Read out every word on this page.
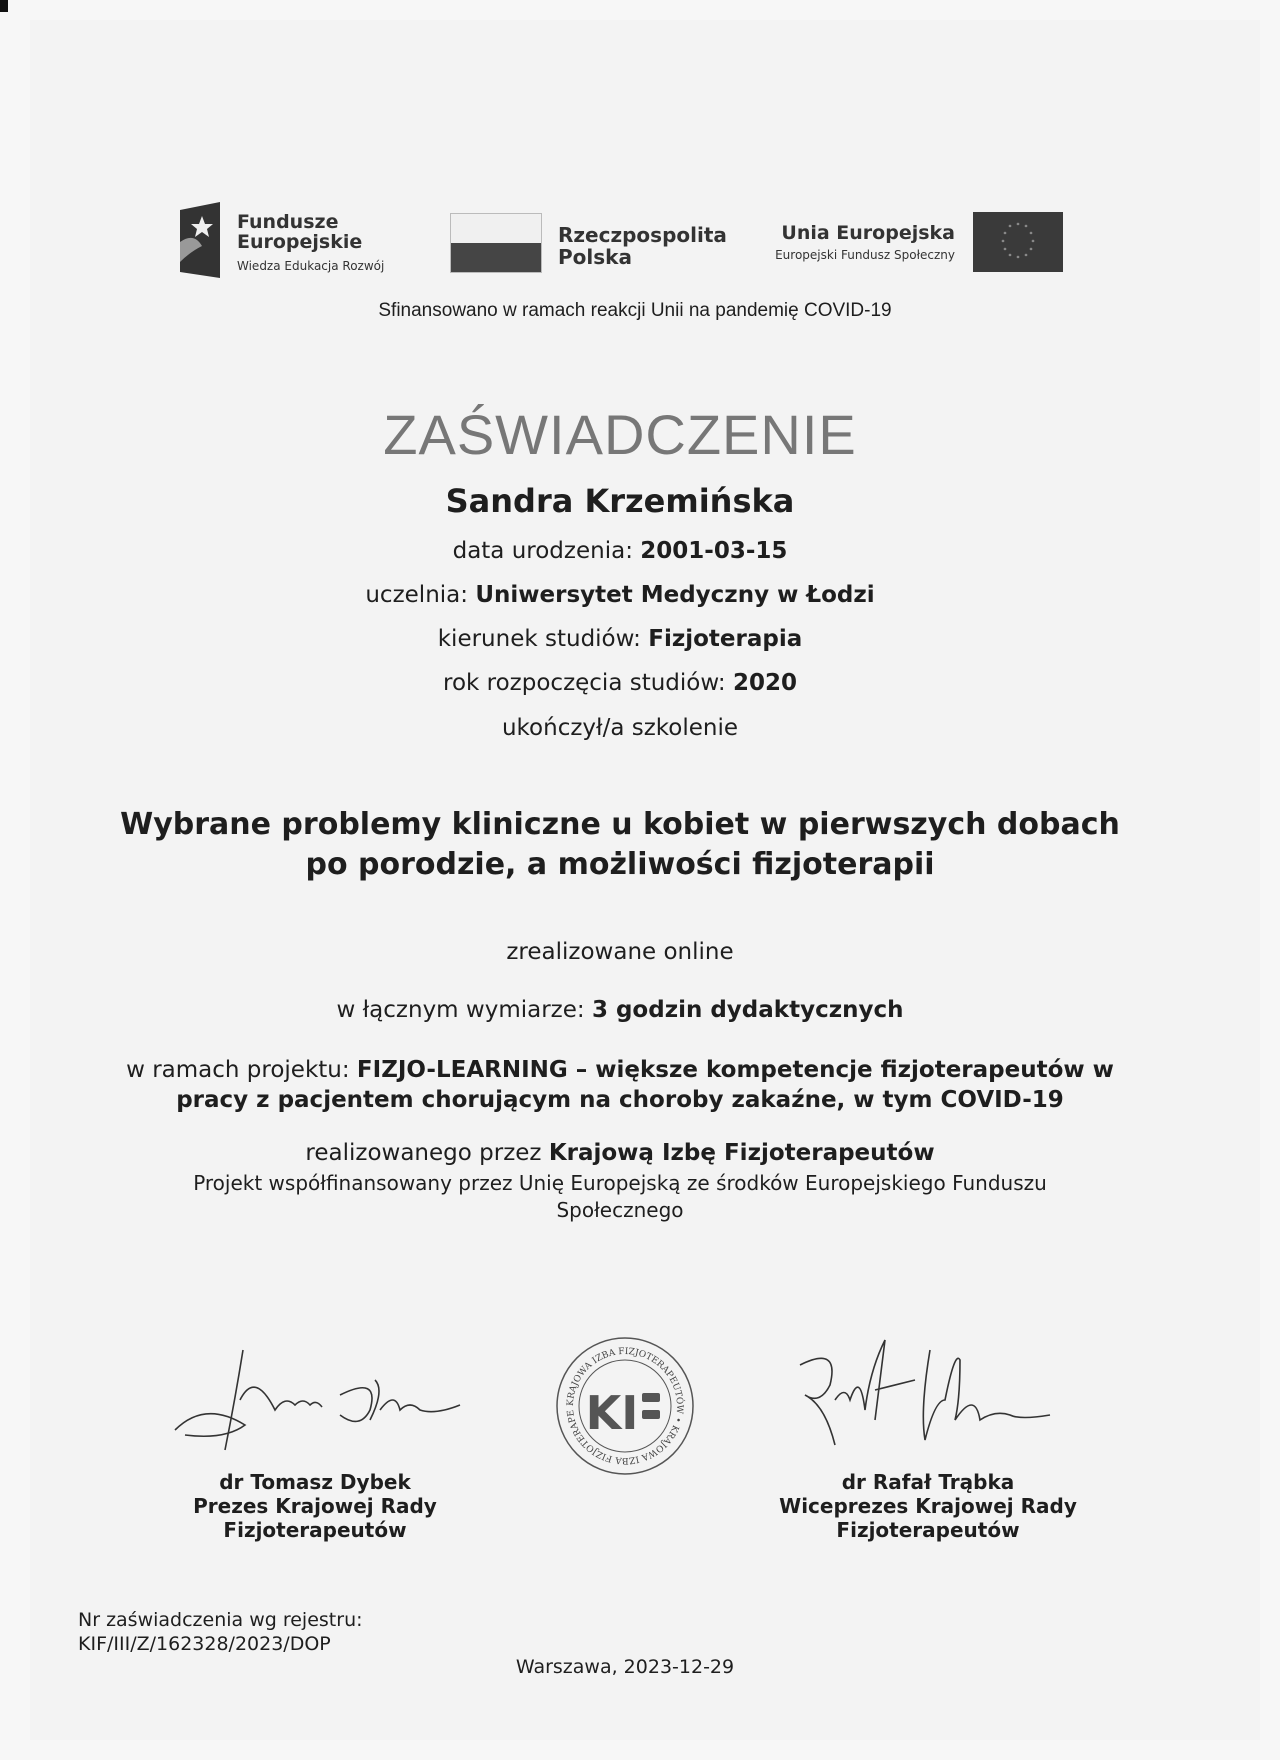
Fundusze
Europejskie
Wiedza Edukacja Rozwój
Rzeczpospolita
Polska
Unia Europejska
Europejski Fundusz Społeczny
* *
*
*
*
*
*
*
*
*
*
*
Sfinansowano w ramach reakcji Unii na pandemię COVID-19
ZAŚWIADCZENIE
Sandra Krzemińska
data urodzenia: 2001-03-15
uczelnia: Uniwersytet Medyczny w Łodzi
kierunek studiów: Fizjoterapia
rok rozpoczęcia studiów: 2020
ukończył/a szkolenie
Wybrane problemy kliniczne u kobiet w pierwszych dobach
po porodzie, a możliwości fizjoterapii
zrealizowane online
w łącznym wymiarze: 3 godzin dydaktycznych
w ramach projektu: FIZJO-LEARNING – większe kompetencje fizjoterapeutów w
pracy z pacjentem chorującym na choroby zakaźne, w tym COVID-19
realizowanego przez Krajową Izbę Fizjoterapeutów
Projekt współfinansowany przez Unię Europejską ze środków Europejskiego Funduszu
Społecznego
KRAJOWA IZBA FIZJOTERAPEUTÓW • KRAJOWA IZBA FIZJOTERAPE KI
dr Tomasz Dybek
Prezes Krajowej Rady
Fizjoterapeutów
dr Rafał Trąbka
Wiceprezes Krajowej Rady
Fizjoterapeutów
Nr zaświadczenia wg rejestru:
KIF/III/Z/162328/2023/DOP
Warszawa, 2023-12-29
